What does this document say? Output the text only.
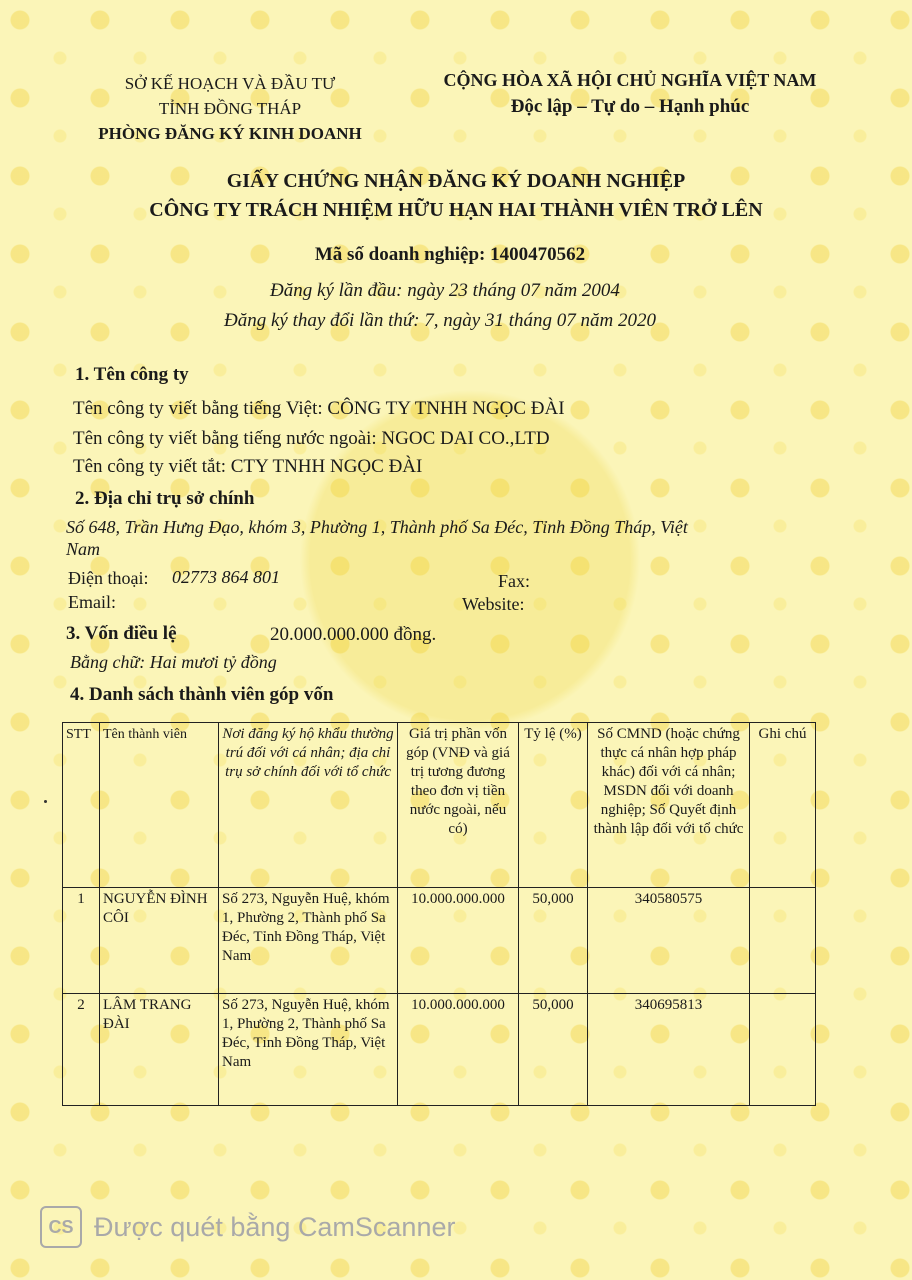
SỞ KẾ HOẠCH VÀ ĐẦU TƯ
TỈNH ĐỒNG THÁP
PHÒNG ĐĂNG KÝ KINH DOANH
CỘNG HÒA XÃ HỘI CHỦ NGHĨA VIỆT NAM
Độc lập – Tự do – Hạnh phúc
GIẤY CHỨNG NHẬN ĐĂNG KÝ DOANH NGHIỆP
CÔNG TY TRÁCH NHIỆM HỮU HẠN HAI THÀNH VIÊN TRỞ LÊN
Mã số doanh nghiệp: 1400470562
Đăng ký lần đầu: ngày 23 tháng 07 năm 2004
Đăng ký thay đổi lần thứ: 7, ngày 31 tháng 07 năm 2020
1. Tên công ty
Tên công ty viết bằng tiếng Việt: CÔNG TY TNHH NGỌC ĐÀI
Tên công ty viết bằng tiếng nước ngoài: NGOC DAI CO.,LTD
Tên công ty viết tắt: CTY TNHH NGỌC ĐÀI
2. Địa chỉ trụ sở chính
Số 648, Trần Hưng Đạo, khóm 3, Phường 1, Thành phố Sa Đéc, Tỉnh Đồng Tháp, Việt
Nam
Điện thoại: 02773 864 801	Fax:
Email:	Website:
3. Vốn điều lệ	20.000.000.000 đồng.
Bằng chữ: Hai mươi tỷ đồng
4. Danh sách thành viên góp vốn
STT	Tên thành viên	Nơi đăng ký hộ khẩu thường trú đối với cá nhân; địa chỉ trụ sở chính đối với tổ chức	Giá trị phần vốn góp (VNĐ và giá trị tương đương theo đơn vị tiền nước ngoài, nếu có)	Tỷ lệ (%)	Số CMND (hoặc chứng thực cá nhân hợp pháp khác) đối với cá nhân; MSDN đối với doanh nghiệp; Số Quyết định thành lập đối với tổ chức	Ghi chú
1	NGUYỄN ĐÌNH CÔI	Số 273, Nguyễn Huệ, khóm 1, Phường 2, Thành phố Sa Đéc, Tỉnh Đồng Tháp, Việt Nam	10.000.000.000	50,000	340580575	
2	LÂM TRANG ĐÀI	Số 273, Nguyễn Huệ, khóm 1, Phường 2, Thành phố Sa Đéc, Tỉnh Đồng Tháp, Việt Nam	10.000.000.000	50,000	340695813	
CS Được quét bằng CamScanner
